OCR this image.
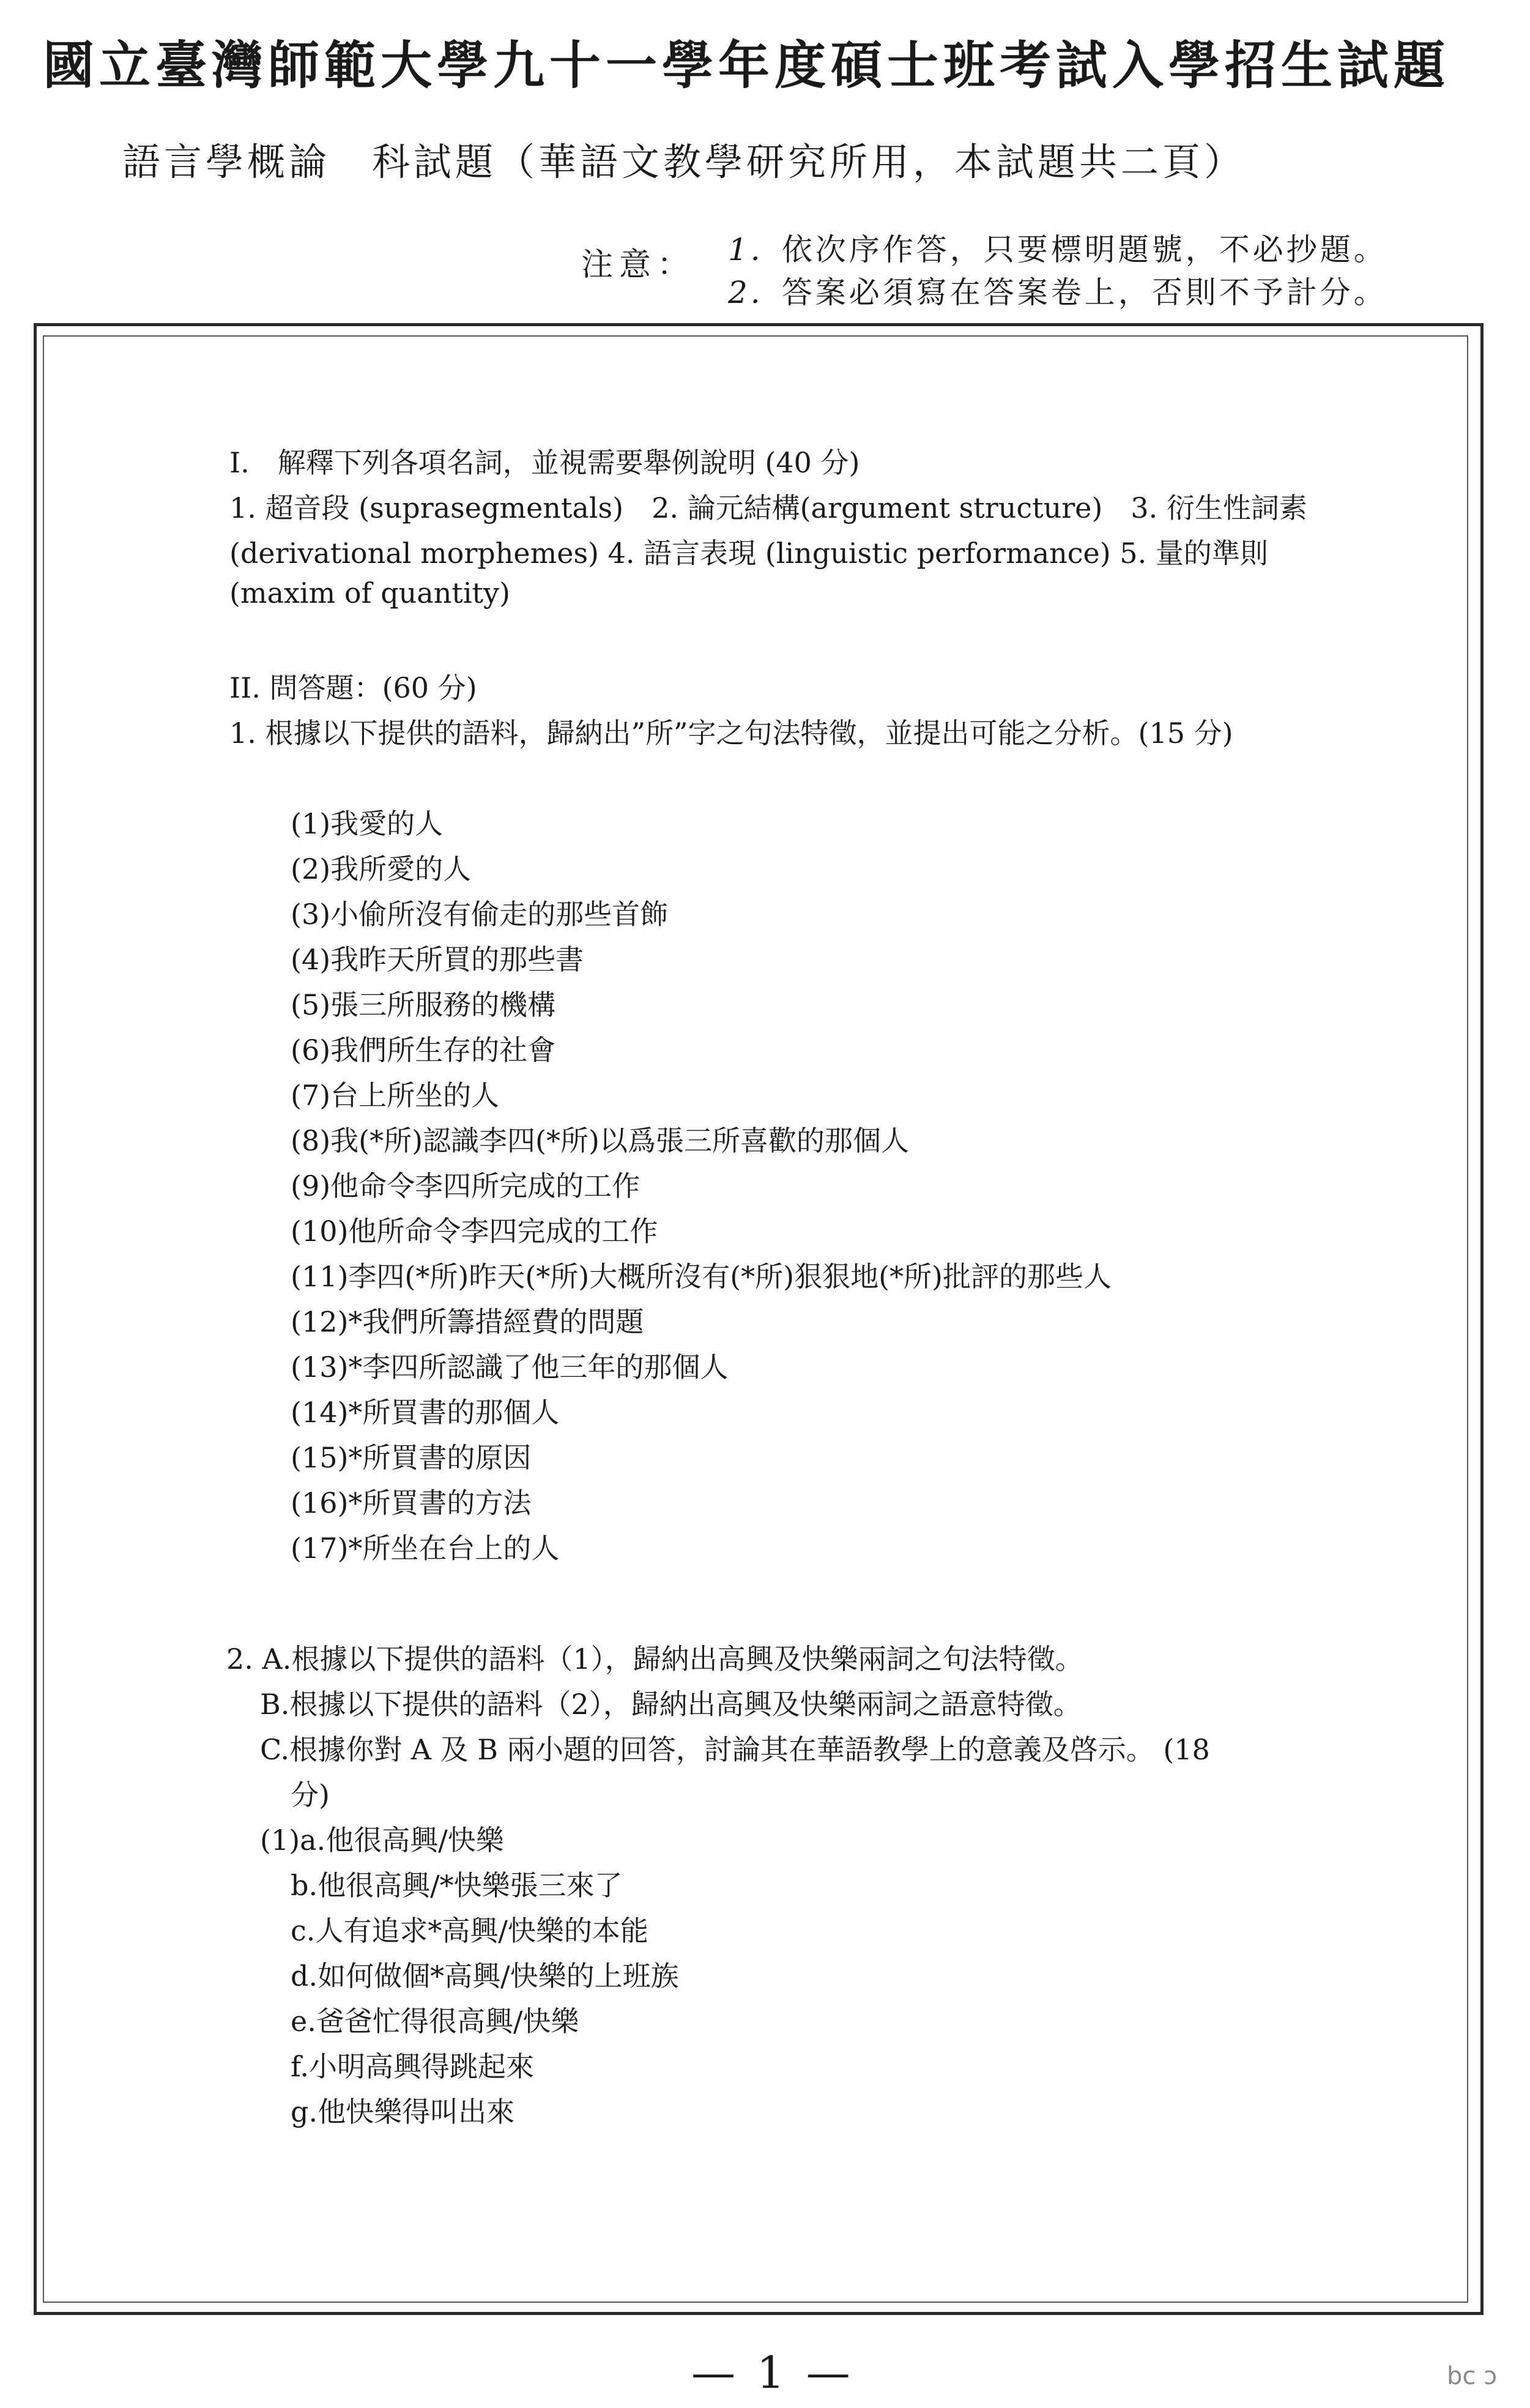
國立臺灣師範大學九十一學年度碩士班考試入學招生試題
語言學概論　科試題（華語文教學研究所用，本試題共二頁）
注意： 1. 依次序作答，只要標明題號，不必抄題。
2. 答案必須寫在答案卷上，否則不予計分。
I.　解釋下列各項名詞，並視需要舉例說明 (40 分)
1. 超音段 (suprasegmentals)　2. 論元結構(argument structure)　3. 衍生性詞素
(derivational morphemes) 4. 語言表現 (linguistic performance) 5. 量的準則
(maxim of quantity)
II. 問答題：(60 分)
1. 根據以下提供的語料，歸納出”所”字之句法特徵，並提出可能之分析。(15 分)
(1)我愛的人
(2)我所愛的人
(3)小偷所沒有偷走的那些首飾
(4)我昨天所買的那些書
(5)張三所服務的機構
(6)我們所生存的社會
(7)台上所坐的人
(8)我(*所)認識李四(*所)以爲張三所喜歡的那個人
(9)他命令李四所完成的工作
(10)他所命令李四完成的工作
(11)李四(*所)昨天(*所)大概所沒有(*所)狠狠地(*所)批評的那些人
(12)*我們所籌措經費的問題
(13)*李四所認識了他三年的那個人
(14)*所買書的那個人
(15)*所買書的原因
(16)*所買書的方法
(17)*所坐在台上的人
2. A.根據以下提供的語料（1），歸納出高興及快樂兩詞之句法特徵。
B.根據以下提供的語料（2），歸納出高興及快樂兩詞之語意特徵。
C.根據你對 A 及 B 兩小題的回答，討論其在華語教學上的意義及啓示。 (18
分)
(1)a.他很高興/快樂
b.他很高興/*快樂張三來了
c.人有追求*高興/快樂的本能
d.如何做個*高興/快樂的上班族
e.爸爸忙得很高興/快樂
f.小明高興得跳起來
g.他快樂得叫出來
— 1 —	bc ɔ
